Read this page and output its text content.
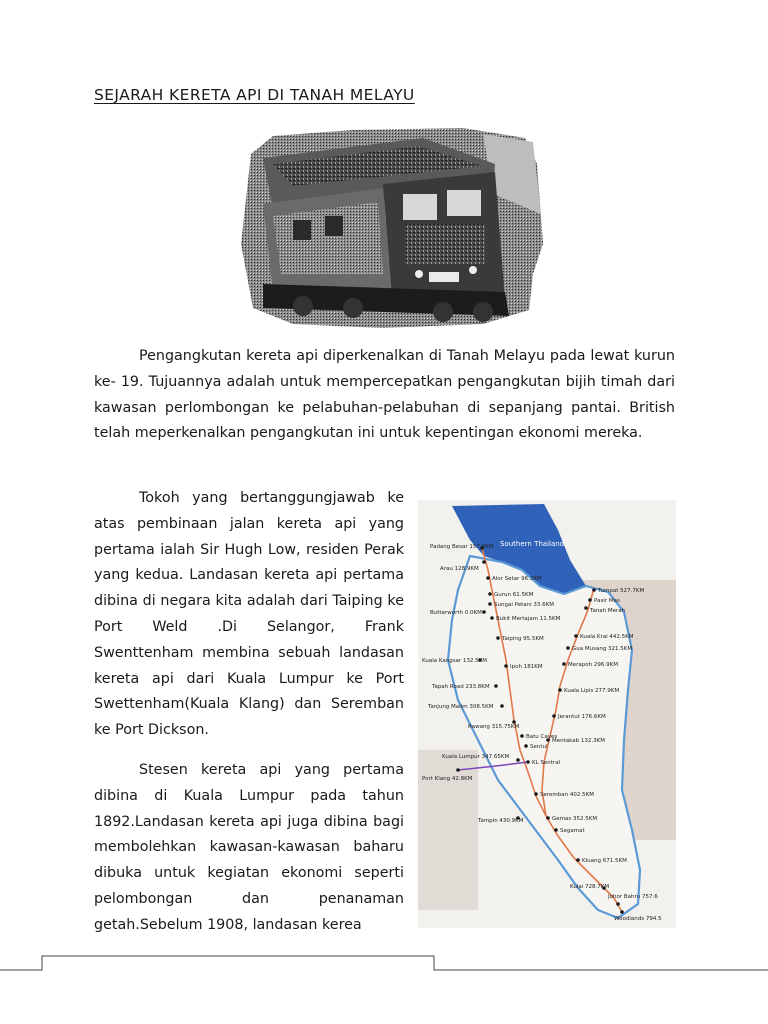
SEJARAH KERETA API DI TANAH MELAYU

Pengangkutan kereta api diperkenalkan di Tanah Melayu pada lewat kurun ke- 19. Tujuannya adalah untuk mempercepatkan pengangkutan bijih timah dari kawasan perlombongan ke pelabuhan-pelabuhan di sepanjang pantai. British telah meperkenalkan pengangkutan ini untuk kepentingan ekonomi mereka.

Tokoh yang bertanggungjawab ke atas pembinaan jalan kereta api yang pertama ialah Sir Hugh Low, residen Perak yang kedua. Landasan kereta api pertama dibina di negara kita adalah dari Taiping ke Port Weld .Di Selangor, Frank Swenttenham membina sebuah landasan kereta api dari Kuala Lumpur ke Port Swettenham(Kuala Klang) dan Seremban ke Port Dickson.

Stesen kereta api yang pertama dibina di Kuala Lumpur pada tahun 1892.Landasan kereta api juga dibina bagi membolehkan kawasan-kawasan baharu dibuka untuk kegiatan ekonomi seperti pelombongan dan penanaman getah.Sebelum 1908, landasan kerea

Southern Thailand
Padang Besar 157.9KM
Arau 128.9KM
Alor Setar 96.3KM
Gurun 61.5KM
Sungai Petani 33.6KM
Butterworth 0.0KM
Bukit Mertajam 11.5KM
Taiping 95.5KM
Kuala Kangsar 132.5KM
Ipoh 181KM
Tapah Road 233.8KM
Tanjung Malim 308.5KM
Rawang 315.75KM
Batu Caves
Sentul
Kuala Lumpur 347.65KM
KL Sentral
Port Klang 42.8KM
Seremban 402.5KM
Tampin 430.9KM	Gemas 352.5KM
Segamat
Kluang 671.5KM
Kulai 728.7KM
Johor Bahru 757.6
Tumpat 527.7KM
Pasir Mas
Tanah Merah
Kuala Krai 442.5KM
Gua Musang 321.5KM
Merapoh 296.9KM
Kuala Lipis 277.9KM
Jerantut 176.6KM
Mentakab 132.3KM
Woodlands 794.5
